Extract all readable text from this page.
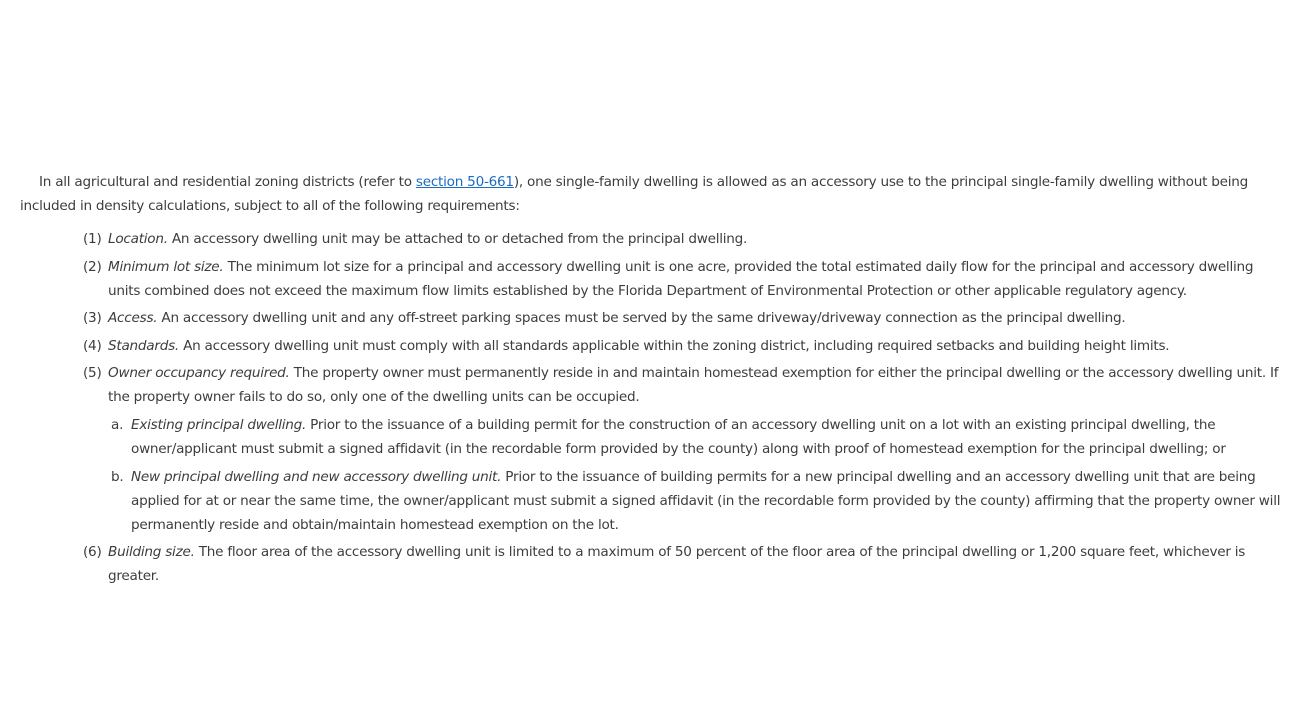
In all agricultural and residential zoning districts (refer to section 50-661), one single-family dwelling is allowed as an accessory use to the principal single-family dwelling without being included in density calculations, subject to all of the following requirements:

(1) Location. An accessory dwelling unit may be attached to or detached from the principal dwelling.
(2) Minimum lot size. The minimum lot size for a principal and accessory dwelling unit is one acre, provided the total estimated daily flow for the principal and accessory dwelling units combined does not exceed the maximum flow limits established by the Florida Department of Environmental Protection or other applicable regulatory agency.
(3) Access. An accessory dwelling unit and any off-street parking spaces must be served by the same driveway/driveway connection as the principal dwelling.
(4) Standards. An accessory dwelling unit must comply with all standards applicable within the zoning district, including required setbacks and building height limits.
(5) Owner occupancy required. The property owner must permanently reside in and maintain homestead exemption for either the principal dwelling or the accessory dwelling unit. If the property owner fails to do so, only one of the dwelling units can be occupied.
a. Existing principal dwelling. Prior to the issuance of a building permit for the construction of an accessory dwelling unit on a lot with an existing principal dwelling, the owner/applicant must submit a signed affidavit (in the recordable form provided by the county) along with proof of homestead exemption for the principal dwelling; or
b. New principal dwelling and new accessory dwelling unit. Prior to the issuance of building permits for a new principal dwelling and an accessory dwelling unit that are being applied for at or near the same time, the owner/applicant must submit a signed affidavit (in the recordable form provided by the county) affirming that the property owner will permanently reside and obtain/maintain homestead exemption on the lot.
(6) Building size. The floor area of the accessory dwelling unit is limited to a maximum of 50 percent of the floor area of the principal dwelling or 1,200 square feet, whichever is greater.
